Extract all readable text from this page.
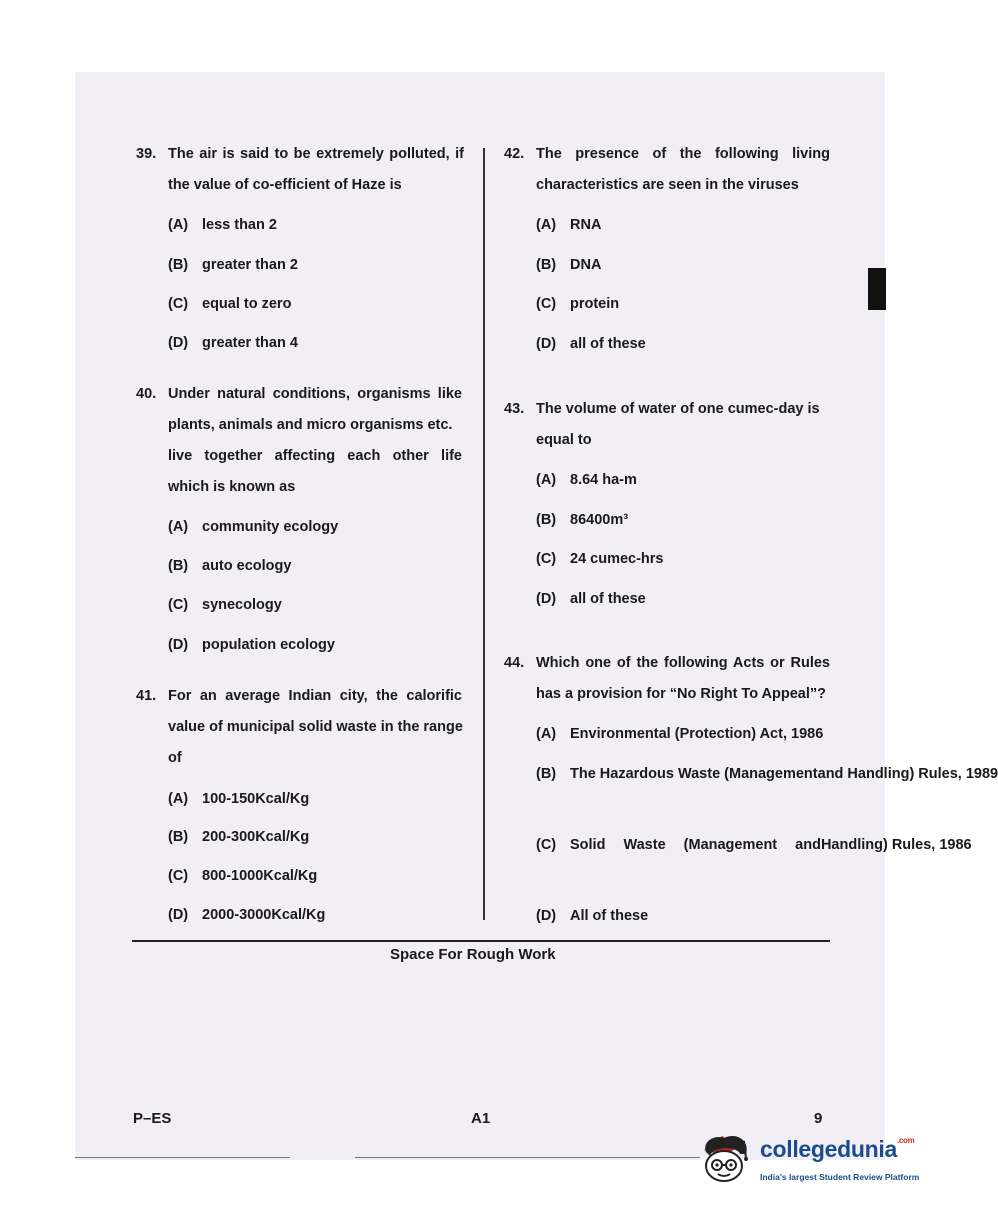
39. The air is said to be extremely polluted, if
the value of co-efficient of Haze is
(A) less than 2
(B) greater than 2
(C) equal to zero
(D) greater than 4
40. Under natural conditions, organisms like
plants, animals and micro organisms etc.
live together affecting each other life
which is known as
(A) community ecology
(B) auto ecology
(C) synecology
(D) population ecology
41. For an average Indian city, the calorific
value of municipal solid waste in the range
of
(A) 100-150Kcal/Kg
(B) 200-300Kcal/Kg
(C) 800-1000Kcal/Kg
(D) 2000-3000Kcal/Kg
42. The presence of the following living
characteristics are seen in the viruses
(A) RNA
(B) DNA
(C) protein
(D) all of these
43. The volume of water of one cumec-day is
equal to
(A) 8.64 ha-m
(B) 86400m³
(C) 24 cumec-hrs
(D) all of these
44. Which one of the following Acts or Rules
has a provision for “No Right To Appeal”?
(A) Environmental (Protection) Act, 1986
(B) The Hazardous Waste (Managementand Handling) Rules, 1989
(C) Solid Waste (Management andHandling) Rules, 1986
(D) All of these
Space For Rough Work
P–ES	A1	9
collegedunia$^{.com}$
India's largest Student Review Platform
